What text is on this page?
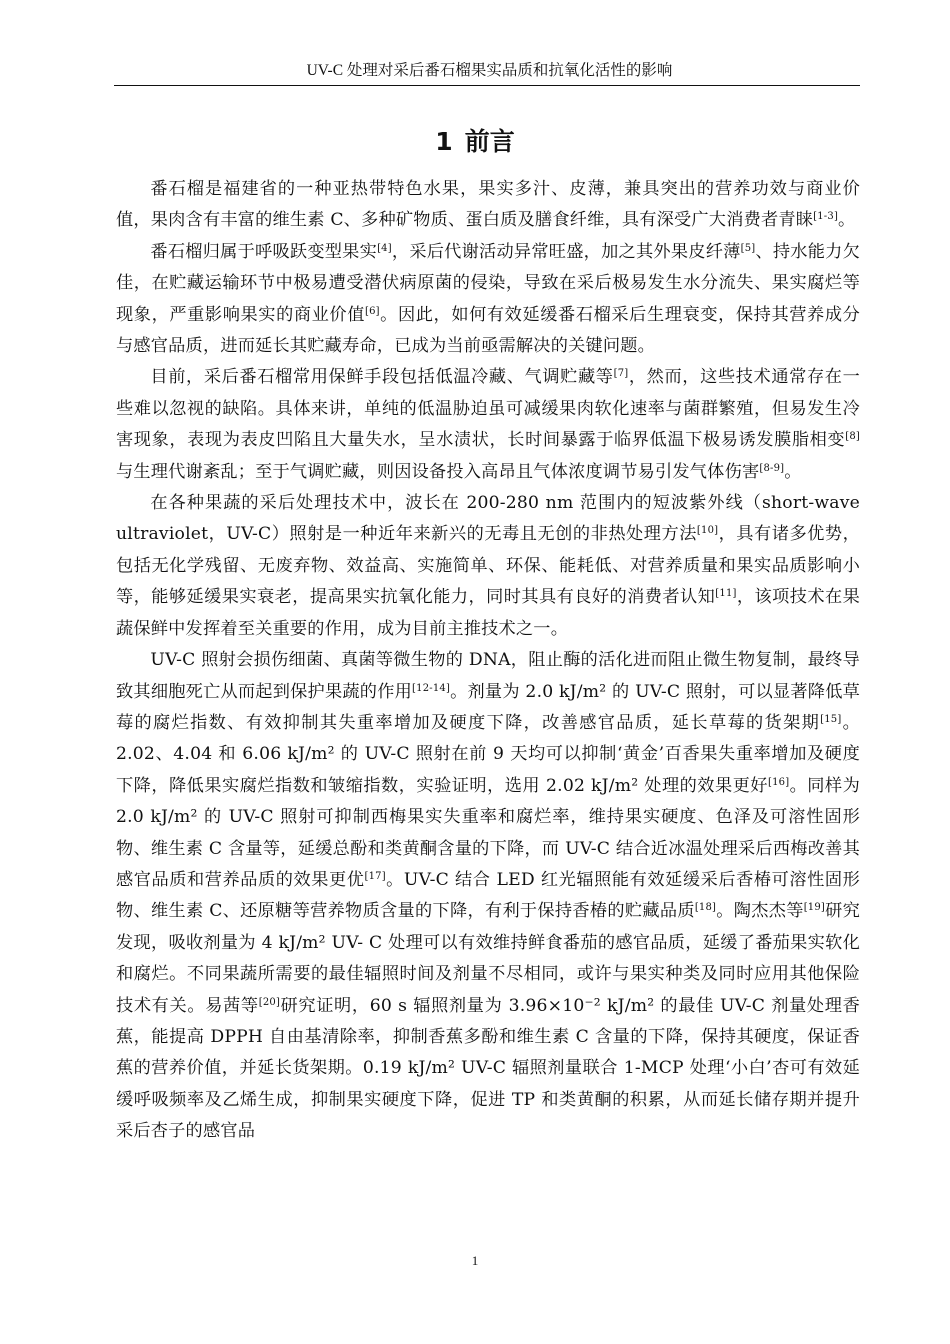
UV-C 处理对采后番石榴果实品质和抗氧化活性的影响
1 前言

番石榴是福建省的一种亚热带特色水果，果实多汁、皮薄，兼具突出的营养功效与商业价值，果肉含有丰富的维生素 C、多种矿物质、蛋白质及膳食纤维，具有深受广大消费者青睐[1-3]。

番石榴归属于呼吸跃变型果实[4]，采后代谢活动异常旺盛，加之其外果皮纤薄[5]、持水能力欠佳，在贮藏运输环节中极易遭受潜伏病原菌的侵染，导致在采后极易发生水分流失、果实腐烂等现象，严重影响果实的商业价值[6]。因此，如何有效延缓番石榴采后生理衰变，保持其营养成分与感官品质，进而延长其贮藏寿命，已成为当前亟需解决的关键问题。

目前，采后番石榴常用保鲜手段包括低温冷藏、气调贮藏等[7]，然而，这些技术通常存在一些难以忽视的缺陷。具体来讲，单纯的低温胁迫虽可减缓果肉软化速率与菌群繁殖，但易发生冷害现象，表现为表皮凹陷且大量失水，呈水渍状，长时间暴露于临界低温下极易诱发膜脂相变[8]与生理代谢紊乱；至于气调贮藏，则因设备投入高昂且气体浓度调节易引发气体伤害[8-9]。

在各种果蔬的采后处理技术中，波长在 200-280 nm 范围内的短波紫外线（short-wave ultraviolet，UV-C）照射是一种近年来新兴的无毒且无创的非热处理方法[10]，具有诸多优势，包括无化学残留、无废弃物、效益高、实施简单、环保、能耗低、对营养质量和果实品质影响小等，能够延缓果实衰老，提高果实抗氧化能力，同时其具有良好的消费者认知[11]，该项技术在果蔬保鲜中发挥着至关重要的作用，成为目前主推技术之一。

UV-C 照射会损伤细菌、真菌等微生物的 DNA，阻止酶的活化进而阻止微生物复制，最终导致其细胞死亡从而起到保护果蔬的作用[12-14]。剂量为 2.0 kJ/m² 的 UV-C 照射，可以显著降低草莓的腐烂指数、有效抑制其失重率增加及硬度下降，改善感官品质，延长草莓的货架期[15]。2.02、4.04 和 6.06 kJ/m² 的 UV-C 照射在前 9 天均可以抑制‘黄金’百香果失重率增加及硬度下降，降低果实腐烂指数和皱缩指数，实验证明，选用 2.02 kJ/m² 处理的效果更好[16]。同样为 2.0 kJ/m² 的 UV-C 照射可抑制西梅果实失重率和腐烂率，维持果实硬度、色泽及可溶性固形物、维生素 C 含量等，延缓总酚和类黄酮含量的下降，而 UV-C 结合近冰温处理采后西梅改善其感官品质和营养品质的效果更优[17]。UV-C 结合 LED 红光辐照能有效延缓采后香椿可溶性固形物、维生素 C、还原糖等营养物质含量的下降，有利于保持香椿的贮藏品质[18]。陶杰杰等[19]研究发现，吸收剂量为 4 kJ/m² UV- C 处理可以有效维持鲜食番茄的感官品质，延缓了番茄果实软化和腐烂。不同果蔬所需要的最佳辐照时间及剂量不尽相同，或许与果实种类及同时应用其他保险技术有关。易茜等[20]研究证明，60 s 辐照剂量为 3.96×10⁻² kJ/m² 的最佳 UV-C 剂量处理香蕉，能提高 DPPH 自由基清除率，抑制香蕉多酚和维生素 C 含量的下降，保持其硬度，保证香蕉的营养价值，并延长货架期。0.19 kJ/m² UV-C 辐照剂量联合 1-MCP 处理‘小白’杏可有效延缓呼吸频率及乙烯生成，抑制果实硬度下降，促进 TP 和类黄酮的积累，从而延长储存期并提升采后杏子的感官品

1
